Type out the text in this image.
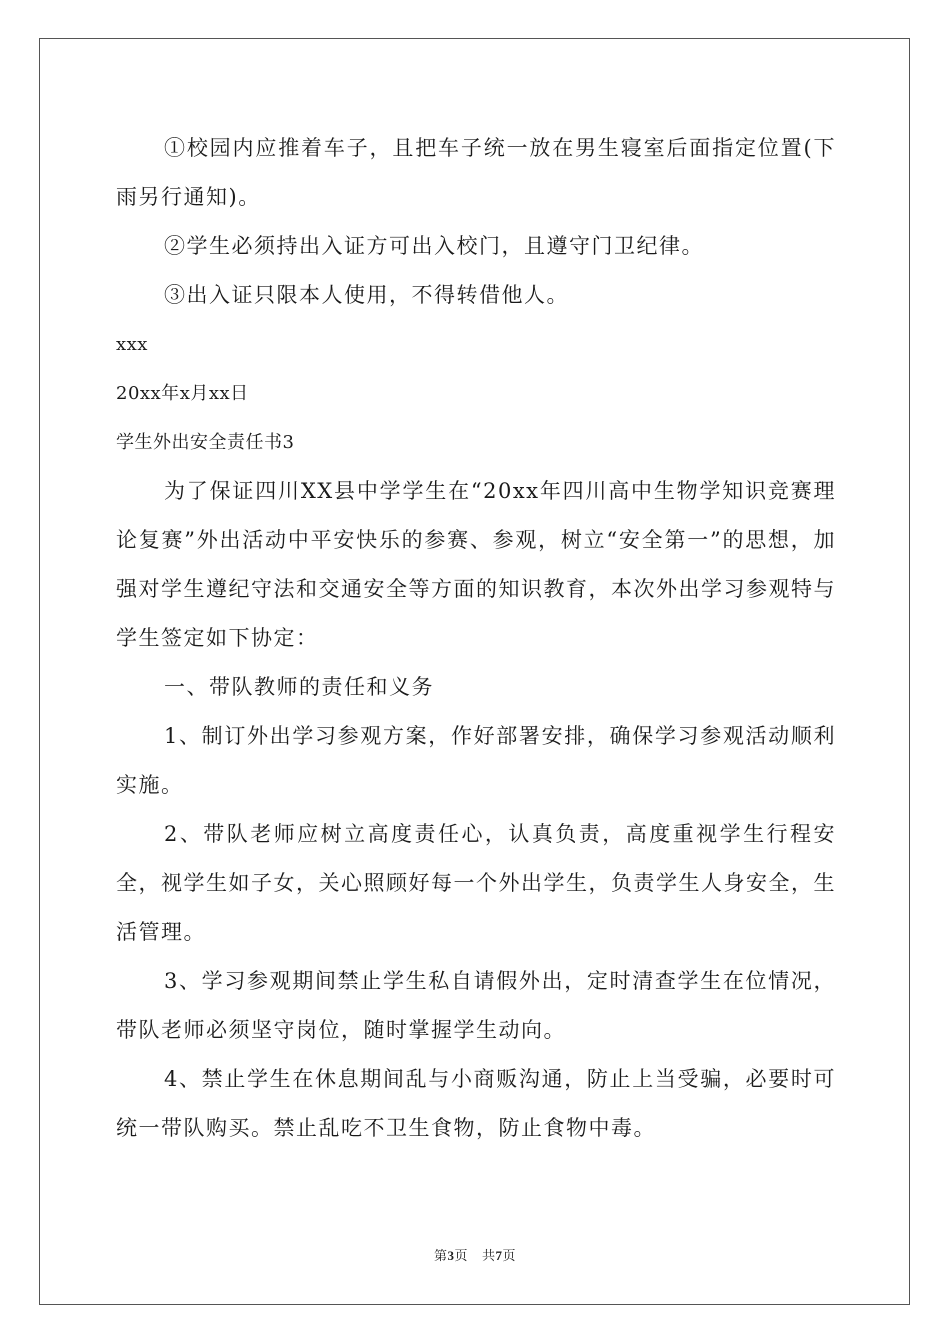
①校园内应推着车子，且把车子统一放在男生寝室后面指定位置(下雨另行通知)。

②学生必须持出入证方可出入校门，且遵守门卫纪律。

③出入证只限本人使用，不得转借他人。

xxx

20xx年x月xx日

学生外出安全责任书3

为了保证四川XX县中学学生在“20xx年四川高中生物学知识竞赛理论复赛”外出活动中平安快乐的参赛、参观，树立“安全第一”的思想，加强对学生遵纪守法和交通安全等方面的知识教育，本次外出学习参观特与学生签定如下协定：

一、带队教师的责任和义务

1、制订外出学习参观方案，作好部署安排，确保学习参观活动顺利实施。

2、带队老师应树立高度责任心，认真负责，高度重视学生行程安全，视学生如子女，关心照顾好每一个外出学生，负责学生人身安全，生活管理。

3、学习参观期间禁止学生私自请假外出，定时清查学生在位情况，带队老师必须坚守岗位，随时掌握学生动向。

4、禁止学生在休息期间乱与小商贩沟通，防止上当受骗，必要时可统一带队购买。禁止乱吃不卫生食物，防止食物中毒。

第3页 共7页
